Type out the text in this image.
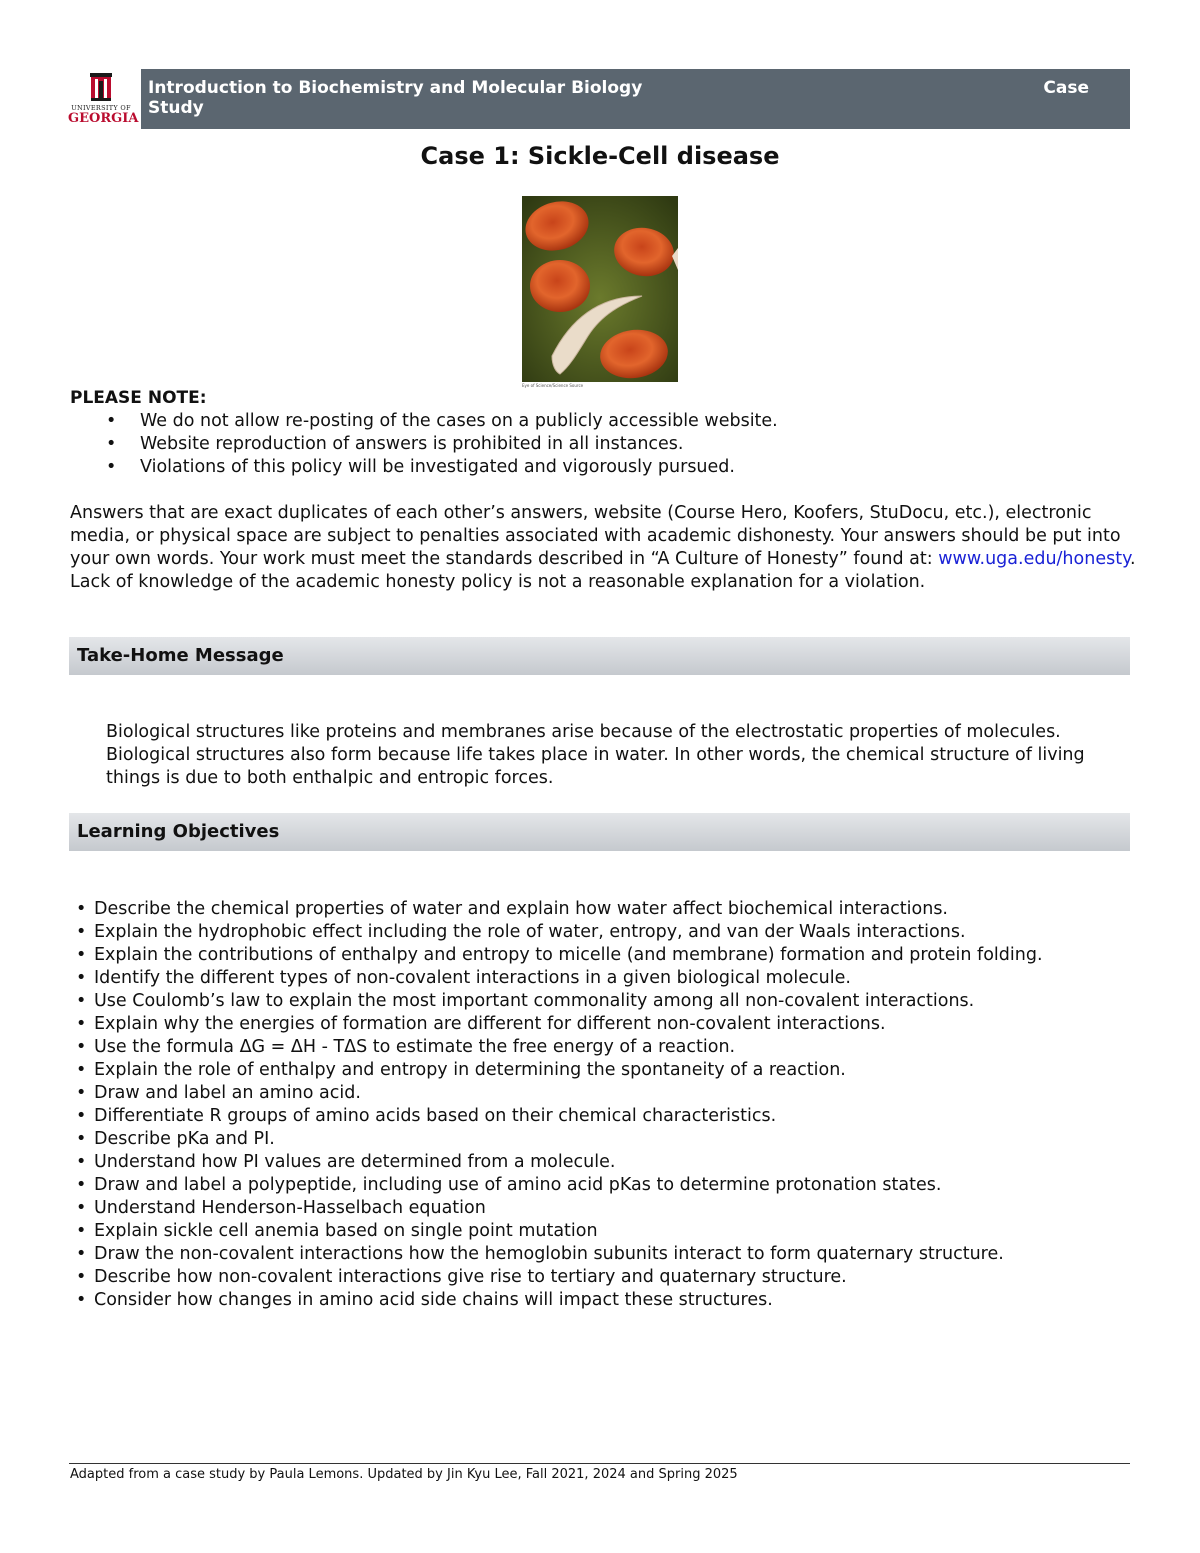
UNIVERSITY OF
GEORGIA
Introduction to Biochemistry and Molecular Biology
Study
Case
Case 1: Sickle-Cell disease
Eye of Science/Science Source
PLEASE NOTE:
• We do not allow re-posting of the cases on a publicly accessible website.
• Website reproduction of answers is prohibited in all instances.
• Violations of this policy will be investigated and vigorously pursued.

Answers that are exact duplicates of each other’s answers, website (Course Hero, Koofers, StuDocu, etc.), electronic media, or physical space are subject to penalties associated with academic dishonesty. Your answers should be put into your own words. Your work must meet the standards described in “A Culture of Honesty” found at: www.uga.edu/honesty. Lack of knowledge of the academic honesty policy is not a reasonable explanation for a violation.

Take-Home Message

Biological structures like proteins and membranes arise because of the electrostatic properties of molecules. Biological structures also form because life takes place in water. In other words, the chemical structure of living things is due to both enthalpic and entropic forces.

Learning Objectives
• Describe the chemical properties of water and explain how water affect biochemical interactions.
• Explain the hydrophobic effect including the role of water, entropy, and van der Waals interactions.
• Explain the contributions of enthalpy and entropy to micelle (and membrane) formation and protein folding.
• Identify the different types of non-covalent interactions in a given biological molecule.
• Use Coulomb’s law to explain the most important commonality among all non-covalent interactions.
• Explain why the energies of formation are different for different non-covalent interactions.
• Use the formula ΔG = ΔH - TΔS to estimate the free energy of a reaction.
• Explain the role of enthalpy and entropy in determining the spontaneity of a reaction.
• Draw and label an amino acid.
• Differentiate R groups of amino acids based on their chemical characteristics.
• Describe pKa and PI.
• Understand how PI values are determined from a molecule.
• Draw and label a polypeptide, including use of amino acid pKas to determine protonation states.
• Understand Henderson-Hasselbach equation
• Explain sickle cell anemia based on single point mutation
• Draw the non-covalent interactions how the hemoglobin subunits interact to form quaternary structure.
• Describe how non-covalent interactions give rise to tertiary and quaternary structure.
• Consider how changes in amino acid side chains will impact these structures.
Adapted from a case study by Paula Lemons. Updated by Jin Kyu Lee, Fall 2021, 2024 and Spring 2025
